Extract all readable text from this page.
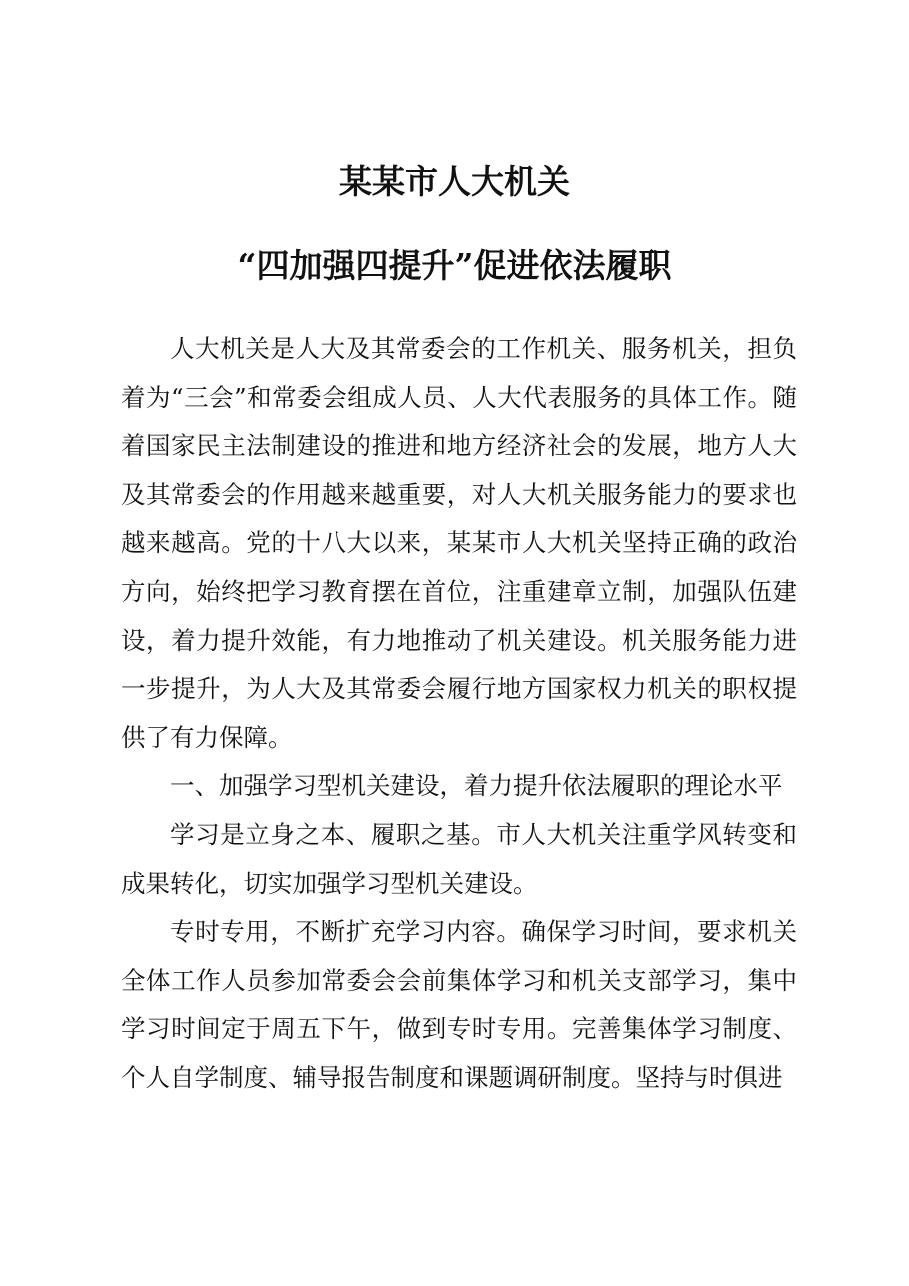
某某市人大机关
“四加强四提升”促进依法履职

人大机关是人大及其常委会的工作机关、服务机关，担负着为“三会”和常委会组成人员、人大代表服务的具体工作。随着国家民主法制建设的推进和地方经济社会的发展，地方人大及其常委会的作用越来越重要，对人大机关服务能力的要求也越来越高。党的十八大以来，某某市人大机关坚持正确的政治方向，始终把学习教育摆在首位，注重建章立制，加强队伍建设，着力提升效能，有力地推动了机关建设。机关服务能力进一步提升，为人大及其常委会履行地方国家权力机关的职权提供了有力保障。

一、加强学习型机关建设，着力提升依法履职的理论水平

学习是立身之本、履职之基。市人大机关注重学风转变和成果转化，切实加强学习型机关建设。

专时专用，不断扩充学习内容。确保学习时间，要求机关全体工作人员参加常委会会前集体学习和机关支部学习，集中学习时间定于周五下午，做到专时专用。完善集体学习制度、个人自学制度、辅导报告制度和课题调研制度。坚持与时俱进
